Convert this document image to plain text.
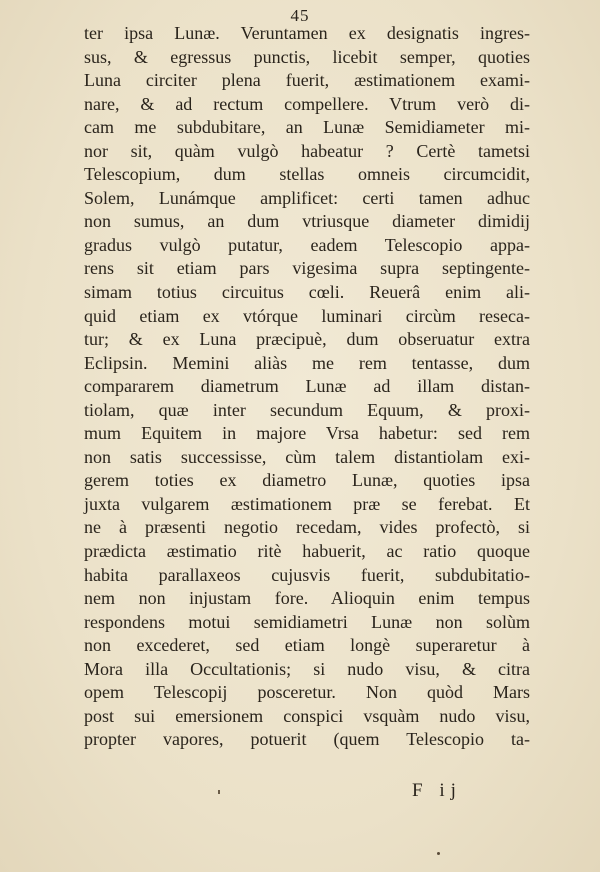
45
ter ipsa Lunæ. Veruntamen ex designatis ingres-
sus, & egressus punctis, licebit semper, quoties
Luna circiter plena fuerit, æstimationem exami-
nare, & ad rectum compellere. Vtrum verò di-
cam me subdubitare, an Lunæ Semidiameter mi-
nor sit, quàm vulgò habeatur ? Certè tametsi
Telescopium, dum stellas omneis circumcidit,
Solem, Lunámque amplificet: certi tamen adhuc
non sumus, an dum vtriusque diameter dimidij
gradus vulgò putatur, eadem Telescopio appa-
rens sit etiam pars vigesima supra septingente-
simam totius circuitus cœli. Reuerâ enim ali-
quid etiam ex vtórque luminari circùm reseca-
tur; & ex Luna præcipuè, dum obseruatur extra
Eclipsin. Memini aliàs me rem tentasse, dum
compararem diametrum Lunæ ad illam distan-
tiolam, quæ inter secundum Equum, & proxi-
mum Equitem in majore Vrsa habetur: sed rem
non satis successisse, cùm talem distantiolam exi-
gerem toties ex diametro Lunæ, quoties ipsa
juxta vulgarem æstimationem præ se ferebat. Et
ne à præsenti negotio recedam, vides profectò, si
prædicta æstimatio ritè habuerit, ac ratio quoque
habita parallaxeos cujusvis fuerit, subdubitatio-
nem non injustam fore. Alioquin enim tempus
respondens motui semidiametri Lunæ non solùm
non excederet, sed etiam longè superaretur à
Mora illa Occultationis; si nudo visu, & citra
opem Telescopij posceretur. Non quòd Mars
post sui emersionem conspici vsquàm nudo visu,
propter vapores, potuerit (quem Telescopio ta-
F ij
